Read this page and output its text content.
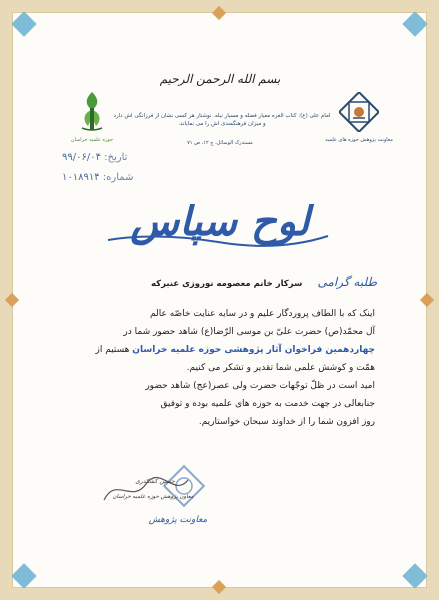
بسم الله الرحمن الرحيم
امام علی (ع): کتاب الغره معیار فضله و مسبار نبله. نوشتار هر کسی نشان از فرزانگی اش دارد و میزان فرهنگمندی اش را می نمایاند.
مستدرک الوسائل، ج ۱۲، ص ۷۱	معاونت پژوهش حوزه های علمیه
حوزه علمیه خراسان
تاریخ: ۹۹/۰۶/۰۴
شماره: ۱۰۱۸۹۱۴
لوح سپاس
طلبه گرامی سرکار خانم معصومه نوروزی عنبرکه

اینک که با الطاف پروردگار علیم و در سایه عنایت خاصّه عالم

آل محمّد(ص) حضرت علیّ بن موسی الرّضا(ع) شاهد حضور شما در

چهاردهمین فراخوان آثار پژوهشی حوزه علمیه خراسان هستیم از

همّت و کوشش علمی شما تقدیر و تشکر می کنیم.

امید است در ظلّ توجّهات حضرت ولی عصر(عج) شاهد حضور

جنابعالی در جهت خدمت به حوزه های علمیه بوده و توفیق

روز افزون شما را از خداوند سبحان خواستاریم.

حسین کشکدری
معاون پژوهش حوزه علمیه خراسان
معاونت پژوهش
